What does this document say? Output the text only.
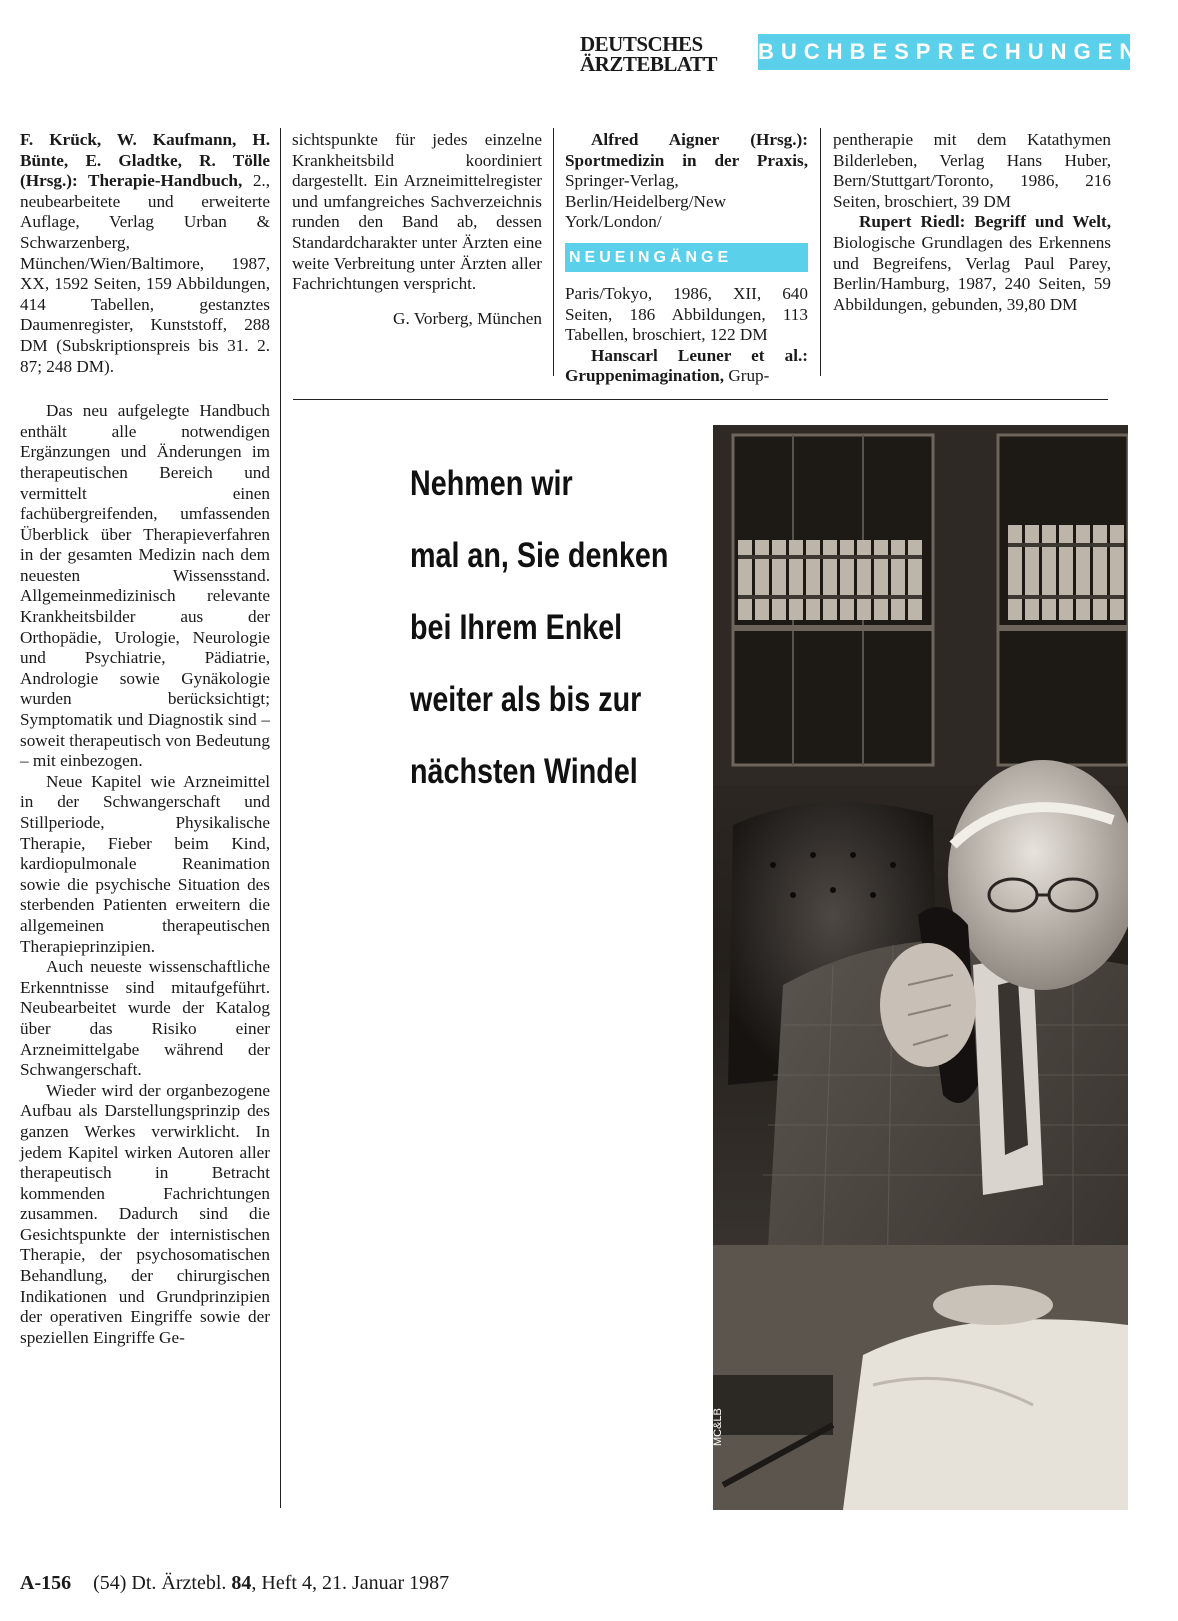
DEUTSCHES
ÄRZTEBLATT	BUCHBESPRECHUNGEN

F. Krück, W. Kaufmann, H. Bünte, E. Gladtke, R. Tölle (Hrsg.): Therapie-Handbuch, 2., neubearbeitete und erweiterte Auflage, Verlag Urban & Schwarzenberg, München/Wien/Baltimore, 1987, XX, 1592 Seiten, 159 Abbildungen, 414 Tabellen, gestanztes Daumenregister, Kunststoff, 288 DM (Subskriptionspreis bis 31. 2. 87; 248 DM).

Das neu aufgelegte Handbuch enthält alle notwendigen Ergänzungen und Änderungen im therapeutischen Bereich und vermittelt einen fachübergreifenden, umfassenden Überblick über Therapieverfahren in der gesamten Medizin nach dem neuesten Wissensstand. Allgemeinmedizinisch relevante Krankheitsbilder aus der Orthopädie, Urologie, Neurologie und Psychiatrie, Pädiatrie, Andrologie sowie Gynäkologie wurden berücksichtigt; Symptomatik und Diagnostik sind – soweit therapeutisch von Bedeutung – mit einbezogen.

Neue Kapitel wie Arzneimittel in der Schwangerschaft und Stillperiode, Physikalische Therapie, Fieber beim Kind, kardiopulmonale Reanimation sowie die psychische Situation des sterbenden Patienten erweitern die allgemeinen therapeutischen Therapieprinzipien.

Auch neueste wissenschaftliche Erkenntnisse sind mitaufgeführt. Neubearbeitet wurde der Katalog über das Risiko einer Arzneimittelgabe während der Schwangerschaft.

Wieder wird der organbezogene Aufbau als Darstellungsprinzip des ganzen Werkes verwirklicht. In jedem Kapitel wirken Autoren aller therapeutisch in Betracht kommenden Fachrichtungen zusammen. Dadurch sind die Gesichtspunkte der internistischen Therapie, der psychosomatischen Behandlung, der chirurgischen Indikationen und Grundprinzipien der operativen Eingriffe sowie der speziellen Eingriffe Ge-

sichtspunkte für jedes einzelne Krankheitsbild koordiniert dargestellt. Ein Arzneimittelregister und umfangreiches Sachverzeichnis runden den Band ab, dessen Standardcharakter unter Ärzten eine weite Verbreitung unter Ärzten aller Fachrichtungen verspricht.

G. Vorberg, München

Alfred Aigner (Hrsg.): Sportmedizin in der Praxis, Springer-Verlag, Berlin/Heidelberg/New York/London/

NEUEINGÄNGE

Paris/Tokyo, 1986, XII, 640 Seiten, 186 Abbildungen, 113 Tabellen, broschiert, 122 DM

Hanscarl Leuner et al.: Gruppenimagination, Grup-

pentherapie mit dem Katathymen Bilderleben, Verlag Hans Huber, Bern/Stuttgart/Toronto, 1986, 216 Seiten, broschiert, 39 DM

Rupert Riedl: Begriff und Welt, Biologische Grundlagen des Erkennens und Begreifens, Verlag Paul Parey, Berlin/Hamburg, 1987, 240 Seiten, 59 Abbildungen, gebunden, 39,80 DM

Nehmen wir
mal an, Sie denken
bei Ihrem Enkel
weiter als bis zur
nächsten Windel
MC&LB
A-156 (54) Dt. Ärztebl. 84, Heft 4, 21. Januar 1987
